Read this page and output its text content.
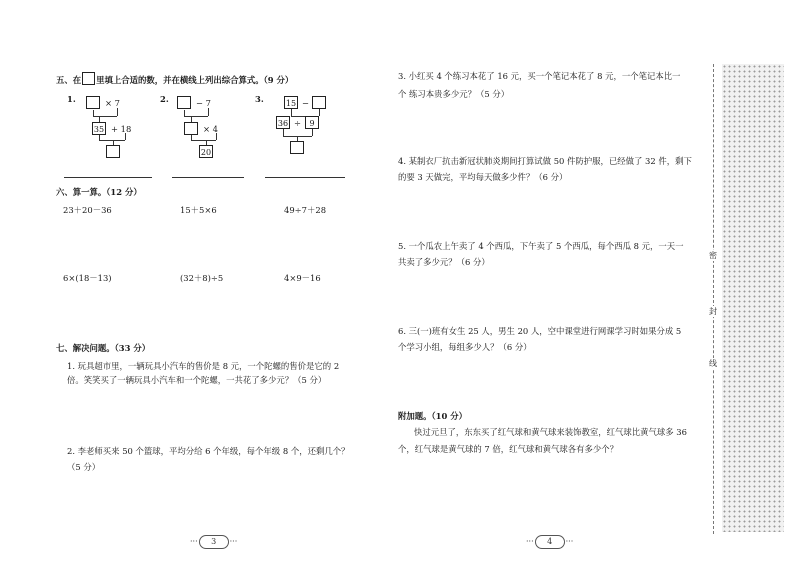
五、在 里填上合适的数，并在横线上列出综合算式。（9 分）
1.	× 7
35 + 18
2.	− 7
× 4
20
3.	15 −
36 ÷	9
六、算一算。（12 分）
23＋20－36	15＋5×6	49÷7＋28
6×(18－13)	(32＋8)÷5	4×9－16
七、解决问题。（33 分）
1. 玩具超市里，一辆玩具小汽车的售价是 8 元，一个陀螺的售价是它的 2
倍。笑笑买了一辆玩具小汽车和一个陀螺，一共花了多少元？（5 分）
2. 李老师买来 50 个篮球，平均分给 6 个年级，每个年级 8 个，还剩几个？
（5 分）
··· 3 ···
3. 小红买 4 个练习本花了 16 元，买一个笔记本花了 8 元，一个笔记本比一
个 练习本贵多少元？（5 分）
4. 某制衣厂抗击新冠状肺炎期间打算试做 50 件防护服，已经做了 32 件，剩下
的要 3 天做完，平均每天做多少件？（6 分）
5. 一个瓜农上午卖了 4 个西瓜，下午卖了 5 个西瓜，每个西瓜 8 元，一天一
共卖了多少元？（6 分）
6. 三(一)班有女生 25 人，男生 20 人，空中课堂进行网课学习时如果分成 5
个学习小组，每组多少人？（6 分）
附加题。（10 分）
快过元旦了，东东买了红气球和黄气球来装饰教室，红气球比黄气球多 36
个，红气球是黄气球的 7 倍，红气球和黄气球各有多少个？
··· 4 ···
密
封
线
